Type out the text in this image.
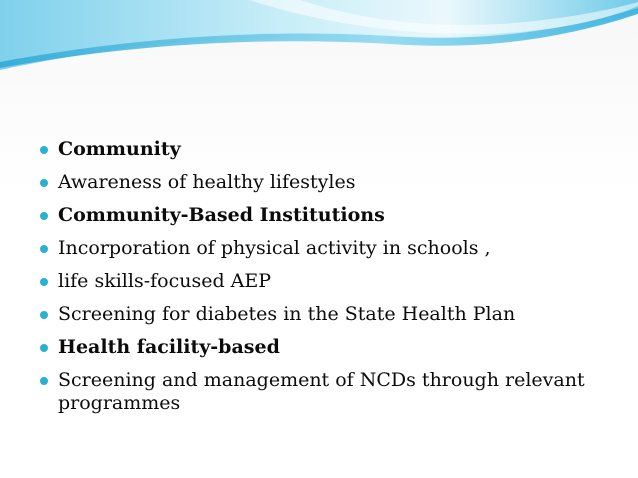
Community
Awareness of healthy lifestyles
Community-Based Institutions
Incorporation of physical activity in schools ,
life skills-focused AEP
Screening for diabetes in the State Health Plan
Health facility-based
Screening and management of NCDs through relevant programmes
